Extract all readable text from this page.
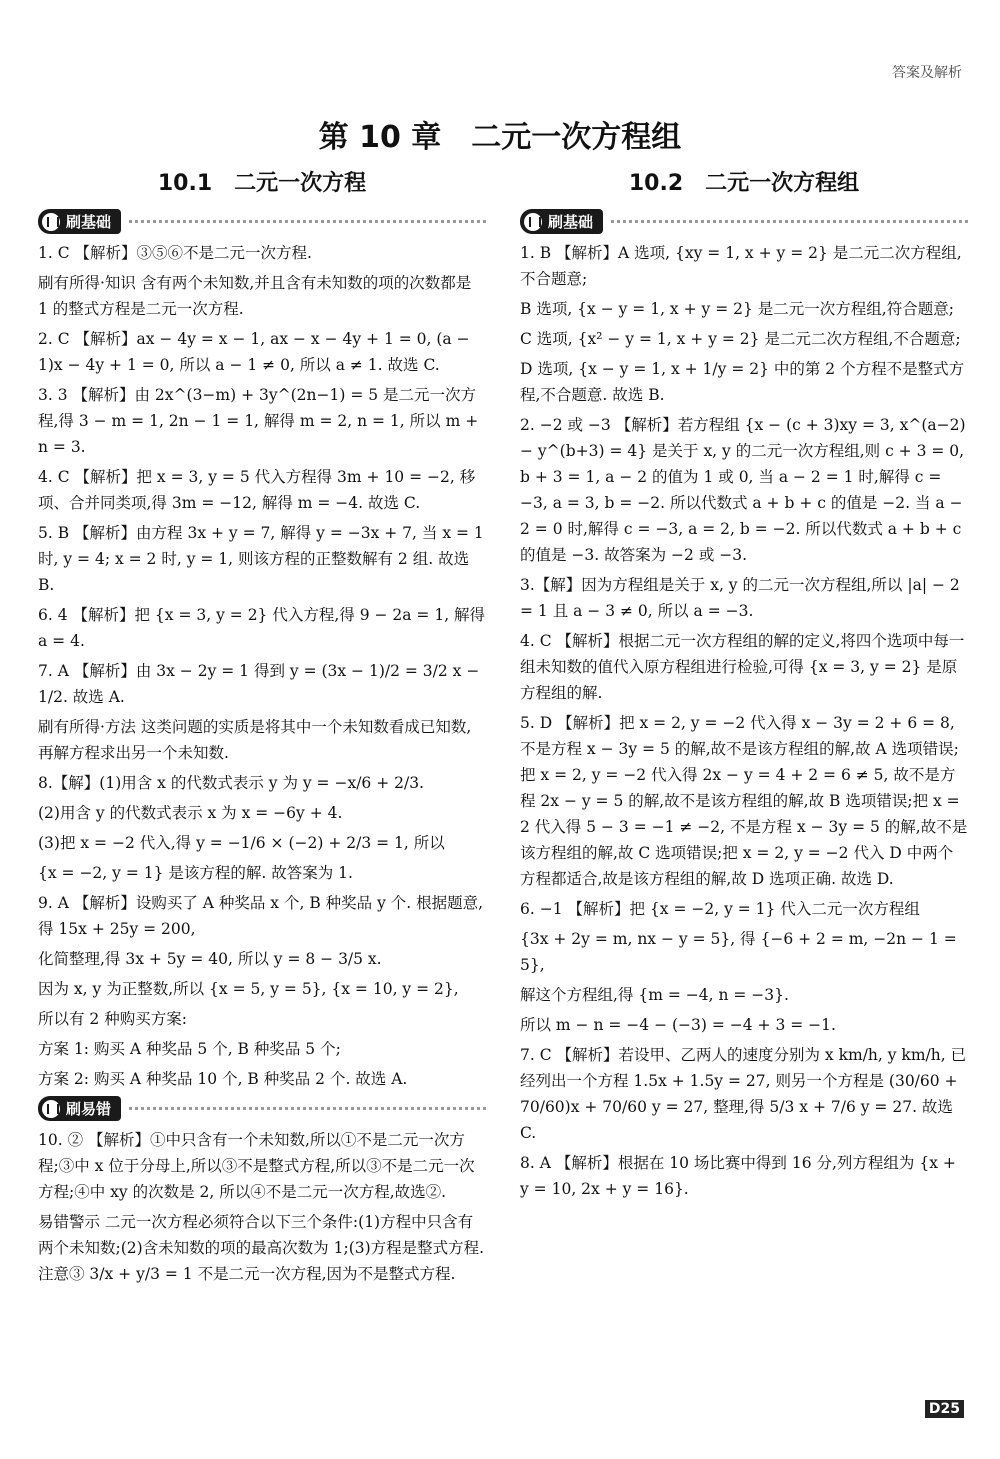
答案及解析
第 10 章　二元一次方程组
10.1　二元一次方程
刷基础
1. C 【解析】③⑤⑥不是二元一次方程.
刷有所得·知识 含有两个未知数,并且含有未知数的项的次数都是 1 的整式方程是二元一次方程.
2. C 【解析】ax − 4y = x − 1, ax − x − 4y + 1 = 0, (a − 1)x − 4y + 1 = 0, 所以 a − 1 ≠ 0, 所以 a ≠ 1. 故选 C.
3. 3 【解析】由 2x^(3−m) + 3y^(2n−1) = 5 是二元一次方程,得 3 − m = 1, 2n − 1 = 1, 解得 m = 2, n = 1, 所以 m + n = 3.
4. C 【解析】把 x = 3, y = 5 代入方程得 3m + 10 = −2, 移项、合并同类项,得 3m = −12, 解得 m = −4. 故选 C.
5. B 【解析】由方程 3x + y = 7, 解得 y = −3x + 7, 当 x = 1 时, y = 4; x = 2 时, y = 1, 则该方程的正整数解有 2 组. 故选 B.
6. 4 【解析】把 {x = 3, y = 2} 代入方程,得 9 − 2a = 1, 解得 a = 4.
7. A 【解析】由 3x − 2y = 1 得到 y = (3x − 1)/2 = 3/2 x − 1/2. 故选 A.
刷有所得·方法 这类问题的实质是将其中一个未知数看成已知数,再解方程求出另一个未知数.
8.【解】(1)用含 x 的代数式表示 y 为 y = −x/6 + 2/3.
(2)用含 y 的代数式表示 x 为 x = −6y + 4.
(3)把 x = −2 代入,得 y = −1/6 × (−2) + 2/3 = 1, 所以
{x = −2, y = 1} 是该方程的解. 故答案为 1.
9. A 【解析】设购买了 A 种奖品 x 个, B 种奖品 y 个. 根据题意,得 15x + 25y = 200,
化简整理,得 3x + 5y = 40, 所以 y = 8 − 3/5 x.
因为 x, y 为正整数,所以 {x = 5, y = 5}, {x = 10, y = 2},
所以有 2 种购买方案:
方案 1: 购买 A 种奖品 5 个, B 种奖品 5 个;
方案 2: 购买 A 种奖品 10 个, B 种奖品 2 个. 故选 A.
刷易错
10. ② 【解析】①中只含有一个未知数,所以①不是二元一次方程;③中 x 位于分母上,所以③不是整式方程,所以③不是二元一次方程;④中 xy 的次数是 2, 所以④不是二元一次方程,故选②.
易错警示 二元一次方程必须符合以下三个条件:(1)方程中只含有两个未知数;(2)含未知数的项的最高次数为 1;(3)方程是整式方程. 注意③ 3/x + y/3 = 1 不是二元一次方程,因为不是整式方程.
10.2　二元一次方程组
刷基础
1. B 【解析】A 选项, {xy = 1, x + y = 2} 是二元二次方程组,不合题意;
B 选项, {x − y = 1, x + y = 2} 是二元一次方程组,符合题意;
C 选项, {x² − y = 1, x + y = 2} 是二元二次方程组,不合题意;
D 选项, {x − y = 1, x + 1/y = 2} 中的第 2 个方程不是整式方程,不合题意. 故选 B.
2. −2 或 −3 【解析】若方程组 {x − (c + 3)xy = 3, x^(a−2) − y^(b+3) = 4} 是关于 x, y 的二元一次方程组,则 c + 3 = 0, b + 3 = 1, a − 2 的值为 1 或 0, 当 a − 2 = 1 时,解得 c = −3, a = 3, b = −2. 所以代数式 a + b + c 的值是 −2. 当 a − 2 = 0 时,解得 c = −3, a = 2, b = −2. 所以代数式 a + b + c 的值是 −3. 故答案为 −2 或 −3.
3.【解】因为方程组是关于 x, y 的二元一次方程组,所以 |a| − 2 = 1 且 a − 3 ≠ 0, 所以 a = −3.
4. C 【解析】根据二元一次方程组的解的定义,将四个选项中每一组未知数的值代入原方程组进行检验,可得 {x = 3, y = 2} 是原方程组的解.
5. D 【解析】把 x = 2, y = −2 代入得 x − 3y = 2 + 6 = 8, 不是方程 x − 3y = 5 的解,故不是该方程组的解,故 A 选项错误;把 x = 2, y = −2 代入得 2x − y = 4 + 2 = 6 ≠ 5, 故不是方程 2x − y = 5 的解,故不是该方程组的解,故 B 选项错误;把 x = 2 代入得 5 − 3 = −1 ≠ −2, 不是方程 x − 3y = 5 的解,故不是该方程组的解,故 C 选项错误;把 x = 2, y = −2 代入 D 中两个方程都适合,故是该方程组的解,故 D 选项正确. 故选 D.
6. −1 【解析】把 {x = −2, y = 1} 代入二元一次方程组
{3x + 2y = m, nx − y = 5}, 得 {−6 + 2 = m, −2n − 1 = 5},
解这个方程组,得 {m = −4, n = −3}.
所以 m − n = −4 − (−3) = −4 + 3 = −1.
7. C 【解析】若设甲、乙两人的速度分别为 x km/h, y km/h, 已经列出一个方程 1.5x + 1.5y = 27, 则另一个方程是 (30/60 + 70/60)x + 70/60 y = 27, 整理,得 5/3 x + 7/6 y = 27. 故选 C.
8. A 【解析】根据在 10 场比赛中得到 16 分,列方程组为 {x + y = 10, 2x + y = 16}.
D25
